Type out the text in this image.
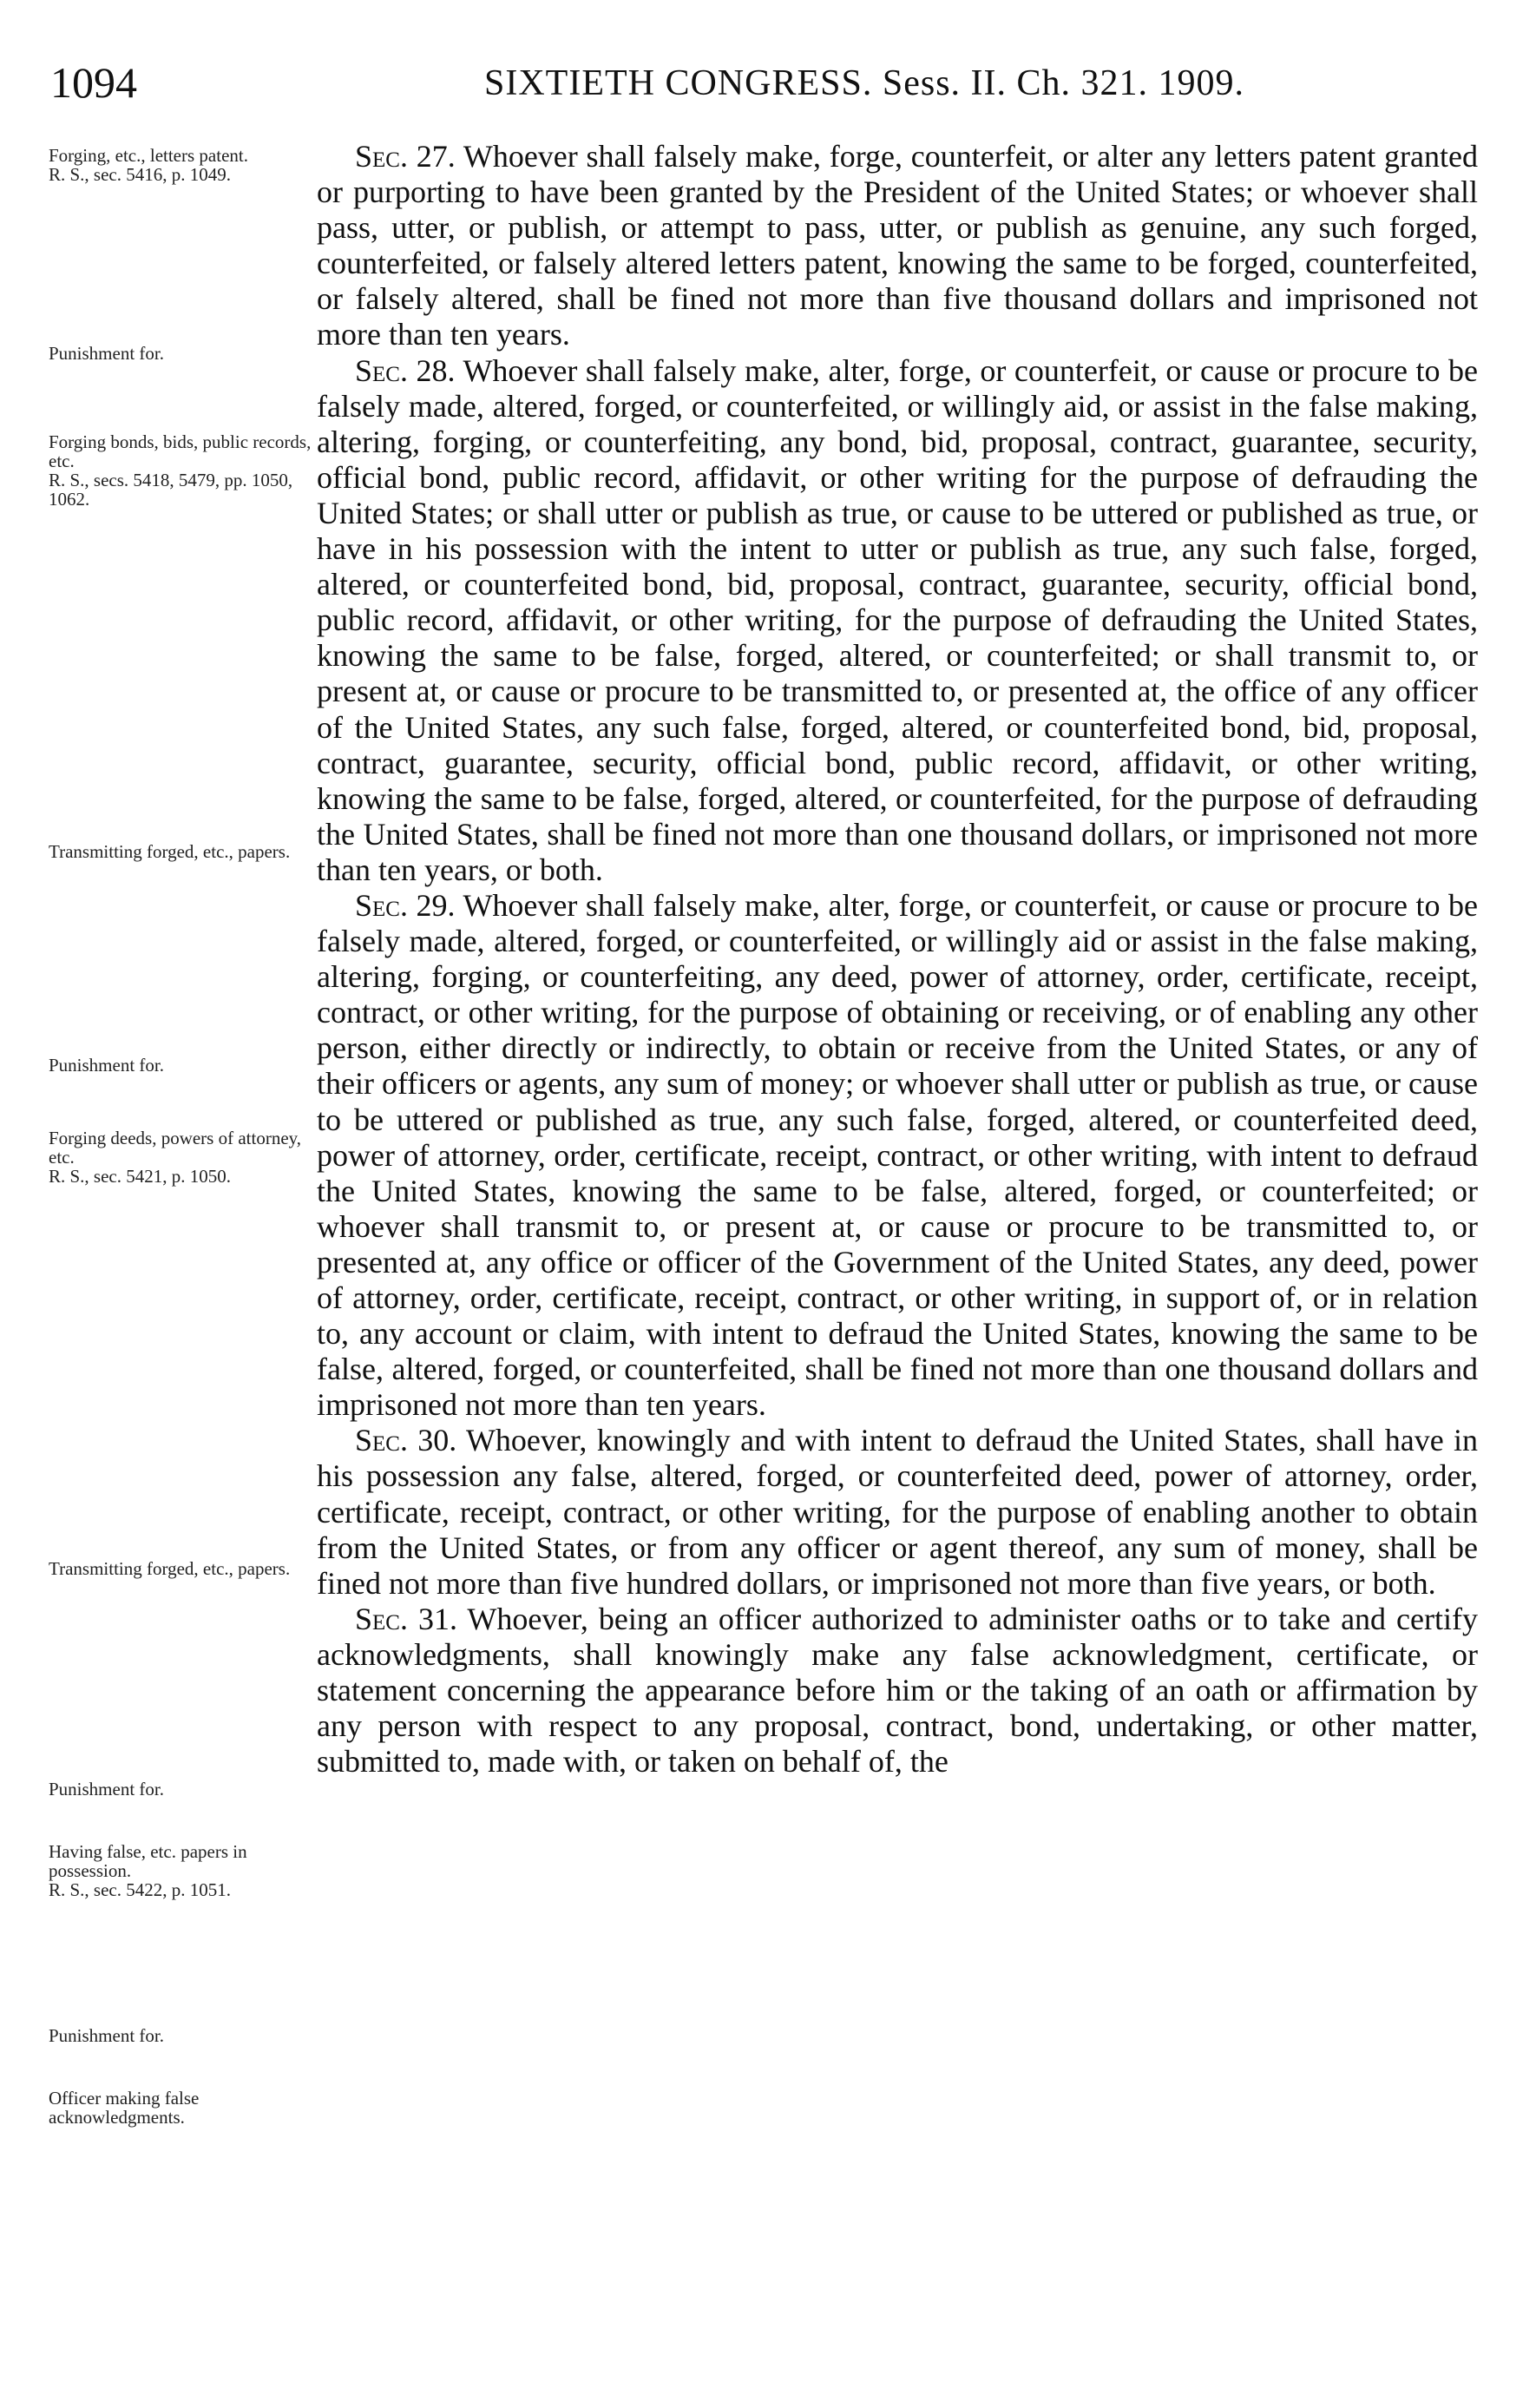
1094	SIXTIETH CONGRESS. Sess. II. Ch. 321. 1909.
Forging, etc., letters patent.
R. S., sec. 5416, p. 1049.
Punishment for.
Forging bonds, bids, public records, etc.
R. S., secs. 5418, 5479, pp. 1050, 1062.
Transmitting forged, etc., papers.
Punishment for.
Forging deeds, powers of attorney, etc.
R. S., sec. 5421, p. 1050.
Transmitting forged, etc., papers.
Punishment for.
Having false, etc. papers in possession.
R. S., sec. 5422, p. 1051.
Punishment for.
Officer making false acknowledgments.

Sec. 27. Whoever shall falsely make, forge, counterfeit, or alter any letters patent granted or purporting to have been granted by the President of the United States; or whoever shall pass, utter, or publish, or attempt to pass, utter, or publish as genuine, any such forged, counterfeited, or falsely altered letters patent, knowing the same to be forged, counterfeited, or falsely altered, shall be fined not more than five thousand dollars and imprisoned not more than ten years.

Sec. 28. Whoever shall falsely make, alter, forge, or counterfeit, or cause or procure to be falsely made, altered, forged, or counterfeited, or willingly aid, or assist in the false making, altering, forging, or counterfeiting, any bond, bid, proposal, contract, guarantee, security, official bond, public record, affidavit, or other writing for the purpose of defrauding the United States; or shall utter or publish as true, or cause to be uttered or published as true, or have in his possession with the intent to utter or publish as true, any such false, forged, altered, or counterfeited bond, bid, proposal, contract, guarantee, security, official bond, public record, affidavit, or other writing, for the purpose of defrauding the United States, knowing the same to be false, forged, altered, or counterfeited; or shall transmit to, or present at, or cause or procure to be transmitted to, or presented at, the office of any officer of the United States, any such false, forged, altered, or counterfeited bond, bid, proposal, contract, guarantee, security, official bond, public record, affidavit, or other writing, knowing the same to be false, forged, altered, or counterfeited, for the purpose of defrauding the United States, shall be fined not more than one thousand dollars, or imprisoned not more than ten years, or both.

Sec. 29. Whoever shall falsely make, alter, forge, or counterfeit, or cause or procure to be falsely made, altered, forged, or counterfeited, or willingly aid or assist in the false making, altering, forging, or counterfeiting, any deed, power of attorney, order, certificate, receipt, contract, or other writing, for the purpose of obtaining or receiving, or of enabling any other person, either directly or indirectly, to obtain or receive from the United States, or any of their officers or agents, any sum of money; or whoever shall utter or publish as true, or cause to be uttered or published as true, any such false, forged, altered, or counterfeited deed, power of attorney, order, certificate, receipt, contract, or other writing, with intent to defraud the United States, knowing the same to be false, altered, forged, or counterfeited; or whoever shall transmit to, or present at, or cause or procure to be transmitted to, or presented at, any office or officer of the Government of the United States, any deed, power of attorney, order, certificate, receipt, contract, or other writing, in support of, or in relation to, any account or claim, with intent to defraud the United States, knowing the same to be false, altered, forged, or counterfeited, shall be fined not more than one thousand dollars and imprisoned not more than ten years.

Sec. 30. Whoever, knowingly and with intent to defraud the United States, shall have in his possession any false, altered, forged, or counterfeited deed, power of attorney, order, certificate, receipt, contract, or other writing, for the purpose of enabling another to obtain from the United States, or from any officer or agent thereof, any sum of money, shall be fined not more than five hundred dollars, or imprisoned not more than five years, or both.

Sec. 31. Whoever, being an officer authorized to administer oaths or to take and certify acknowledgments, shall knowingly make any false acknowledgment, certificate, or statement concerning the appearance before him or the taking of an oath or affirmation by any person with respect to any proposal, contract, bond, undertaking, or other matter, submitted to, made with, or taken on behalf of, the
